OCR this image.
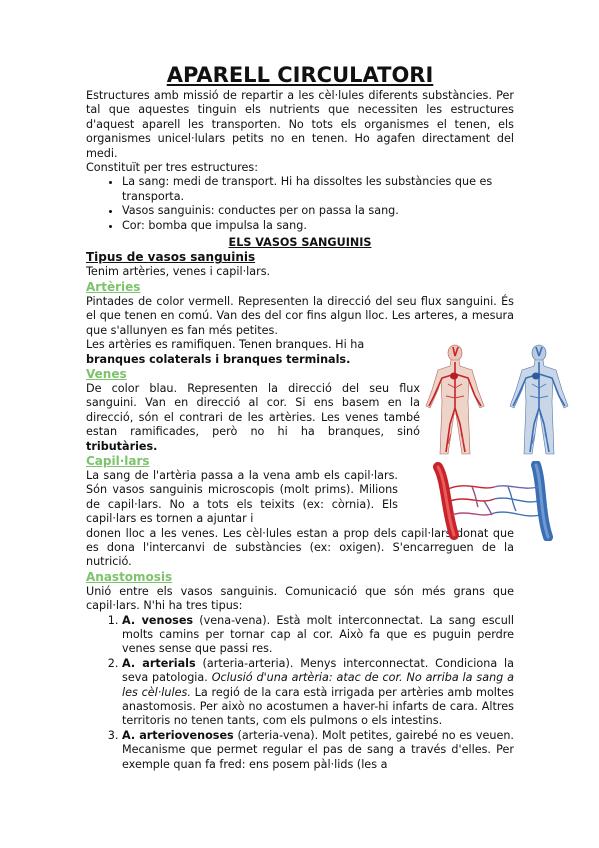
APARELL CIRCULATORI

Estructures amb missió de repartir a les cèl·lules diferents substàncies. Per tal que aquestes tinguin els nutrients que necessiten les estructures d'aquest aparell les transporten. No tots els organismes el tenen, els organismes unicel·lulars petits no en tenen. Ho agafen directament del medi.

Constituït per tres estructures:

• La sang: medi de transport. Hi ha dissoltes les substàncies que es transporta.
• Vasos sanguinis: conductes per on passa la sang.
• Cor: bomba que impulsa la sang.
ELS VASOS SANGUINIS
Tipus de vasos sanguinis

Tenim artèries, venes i capil·lars.

Artèries

Pintades de color vermell. Representen la direcció del seu flux sanguini. És el que tenen en comú. Van des del cor fins algun lloc. Les arteres, a mesura que s'allunyen es fan més petites.

Les artèries es ramifiquen. Tenen branques. Hi ha branques colaterals i branques terminals.

Venes

De color blau. Representen la direcció del seu flux sanguini. Van en direcció al cor. Si ens basem en la direcció, són el contrari de les artèries. Les venes també estan ramificades, però no hi ha branques, sinó tributàries.

Capil·lars

La sang de l'artèria passa a la vena amb els capil·lars. Són vasos sanguinis microscopis (molt prims). Milions de capil·lars. No a tots els teixits (ex: còrnia). Els capil·lars es tornen a ajuntar i

donen lloc a les venes. Les cèl·lules estan a prop dels capil·lars donat que es dona l'intercanvi de substàncies (ex: oxigen). S'encarreguen de la nutrició.

Anastomosis

Unió entre els vasos sanguinis. Comunicació que són més grans que capil·lars. N'hi ha tres tipus:

1. A. venoses (vena-vena). Està molt interconnectat. La sang escull molts camins per tornar cap al cor. Això fa que es puguin perdre venes sense que passi res.
2. A. arterials (arteria-arteria). Menys interconnectat. Condiciona la seva patologia. Oclusió d'una artèria: atac de cor. No arriba la sang a les cèl·lules. La regió de la cara està irrigada per artèries amb moltes anastomosis. Per això no acostumen a haver-hi infarts de cara. Altres territoris no tenen tants, com els pulmons o els intestins.
3. A. arteriovenoses (arteria-vena). Molt petites, gairebé no es veuen. Mecanisme que permet regular el pas de sang a través d'elles. Per exemple quan fa fred: ens posem pàl·lids (les a
